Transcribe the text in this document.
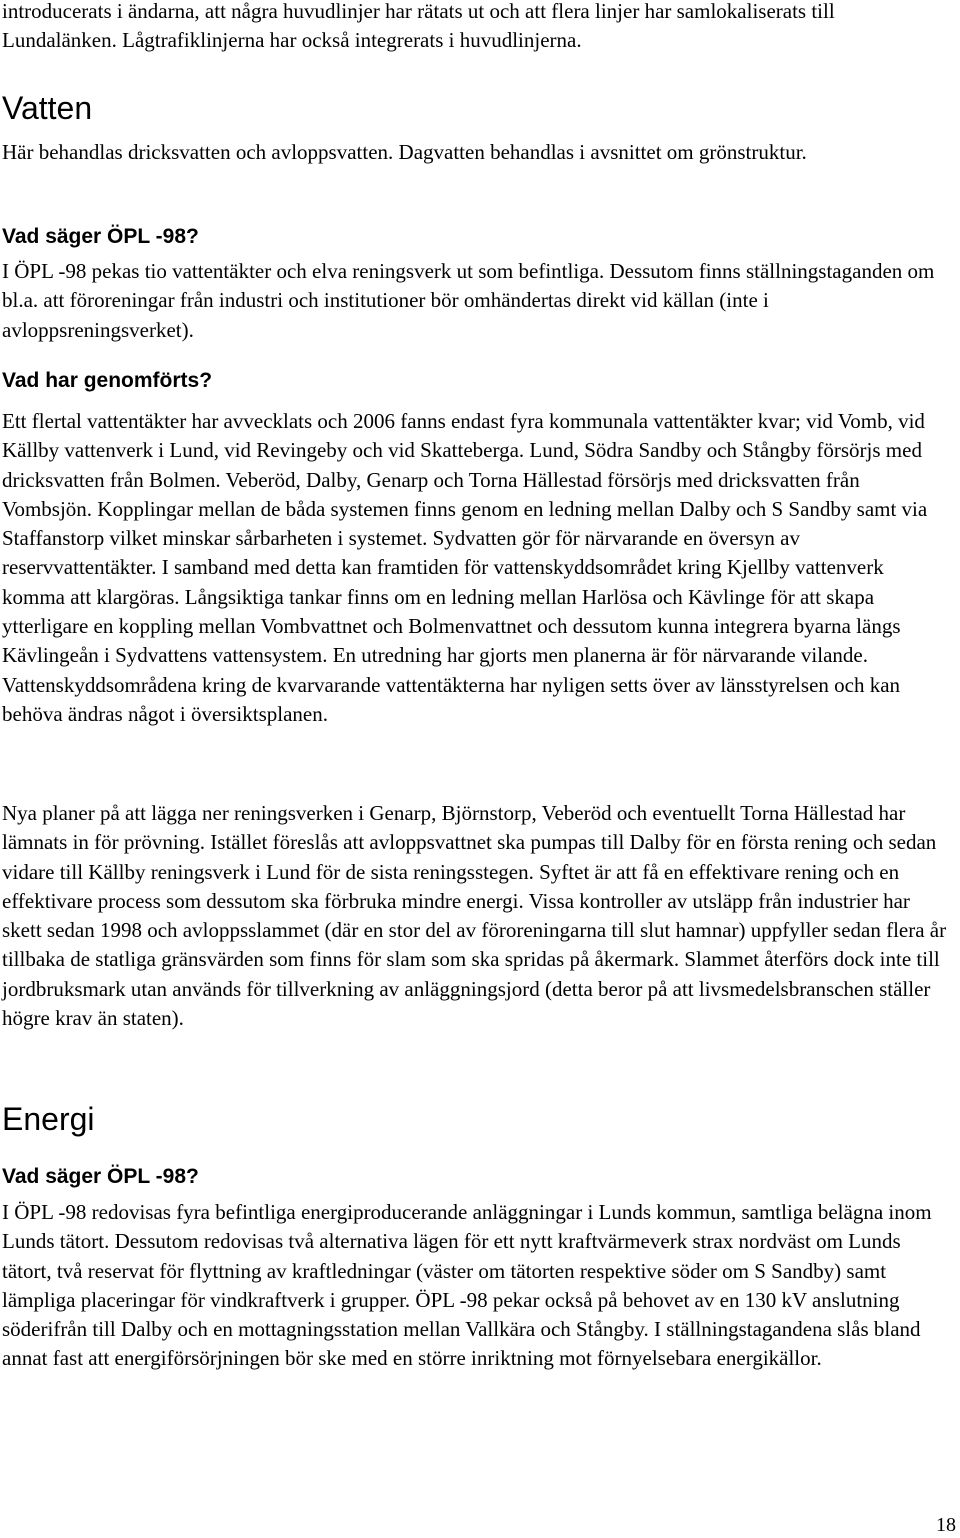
introducerats i ändarna, att några huvudlinjer har rätats ut och att flera linjer har samlokaliserats till Lundalänken. Lågtrafiklinjerna har också integrerats i huvudlinjerna.

Vatten

Här behandlas dricksvatten och avloppsvatten. Dagvatten behandlas i avsnittet om grönstruktur.

Vad säger ÖPL -98?

I ÖPL -98 pekas tio vattentäkter och elva reningsverk ut som befintliga. Dessutom finns ställningstaganden om bl.a. att föroreningar från industri och institutioner bör omhändertas direkt vid källan (inte i avloppsreningsverket).

Vad har genomförts?

Ett flertal vattentäkter har avvecklats och 2006 fanns endast fyra kommunala vattentäkter kvar; vid Vomb, vid Källby vattenverk i Lund, vid Revingeby och vid Skatteberga. Lund, Södra Sandby och Stångby försörjs med dricksvatten från Bolmen. Veberöd, Dalby, Genarp och Torna Hällestad försörjs med dricksvatten från Vombsjön. Kopplingar mellan de båda systemen finns genom en ledning mellan Dalby och S Sandby samt via Staffanstorp vilket minskar sårbarheten i systemet. Sydvatten gör för närvarande en översyn av reservvattentäkter. I samband med detta kan framtiden för vattenskyddsområdet kring Kjellby vattenverk komma att klargöras. Långsiktiga tankar finns om en ledning mellan Harlösa och Kävlinge för att skapa ytterligare en koppling mellan Vombvattnet och Bolmenvattnet och dessutom kunna integrera byarna längs Kävlingeån i Sydvattens vattensystem. En utredning har gjorts men planerna är för närvarande vilande. Vattenskyddsområdena kring de kvarvarande vattentäkterna har nyligen setts över av länsstyrelsen och kan behöva ändras något i översiktsplanen.

Nya planer på att lägga ner reningsverken i Genarp, Björnstorp, Veberöd och eventuellt Torna Hällestad har lämnats in för prövning. Istället föreslås att avloppsvattnet ska pumpas till Dalby för en första rening och sedan vidare till Källby reningsverk i Lund för de sista reningsstegen. Syftet är att få en effektivare rening och en effektivare process som dessutom ska förbruka mindre energi. Vissa kontroller av utsläpp från industrier har skett sedan 1998 och avloppsslammet (där en stor del av föroreningarna till slut hamnar) uppfyller sedan flera år tillbaka de statliga gränsvärden som finns för slam som ska spridas på åkermark. Slammet återförs dock inte till jordbruksmark utan används för tillverkning av anläggningsjord (detta beror på att livsmedelsbranschen ställer högre krav än staten).

Energi
Vad säger ÖPL -98?

I ÖPL -98 redovisas fyra befintliga energiproducerande anläggningar i Lunds kommun, samtliga belägna inom Lunds tätort. Dessutom redovisas två alternativa lägen för ett nytt kraftvärmeverk strax nordväst om Lunds tätort, två reservat för flyttning av kraftledningar (väster om tätorten respektive söder om S Sandby) samt lämpliga placeringar för vindkraftverk i grupper. ÖPL -98 pekar också på behovet av en 130 kV anslutning söderifrån till Dalby och en mottagningsstation mellan Vallkära och Stångby. I ställningstagandena slås bland annat fast att energiförsörjningen bör ske med en större inriktning mot förnyelsebara energikällor.

18
